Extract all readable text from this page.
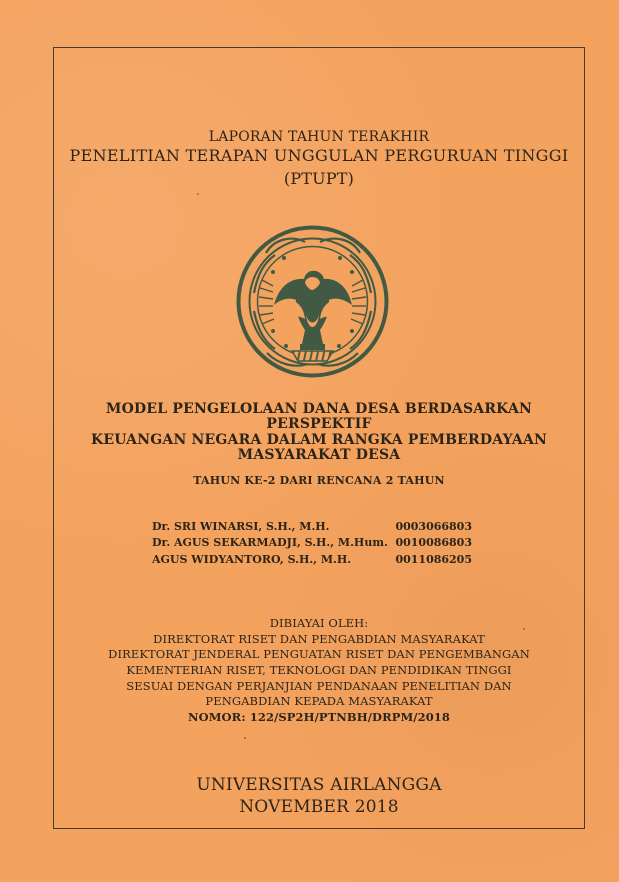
LAPORAN TAHUN TERAKHIR
PENELITIAN TERAPAN UNGGULAN PERGURUAN TINGGI
(PTUPT)
MODEL PENGELOLAAN DANA DESA BERDASARKAN PERSPEKTIF
KEUANGAN NEGARA DALAM RANGKA PEMBERDAYAAN
MASYARAKAT DESA
TAHUN KE-2 DARI RENCANA 2 TAHUN
Dr. SRI WINARSI, S.H., M.H.	0003066803
Dr. AGUS SEKARMADJI, S.H., M.Hum. 0010086803
AGUS WIDYANTORO, S.H., M.H.	0011086205
DIBIAYAI OLEH:
DIREKTORAT RISET DAN PENGABDIAN MASYARAKAT
DIREKTORAT JENDERAL PENGUATAN RISET DAN PENGEMBANGAN
KEMENTERIAN RISET, TEKNOLOGI DAN PENDIDIKAN TINGGI
SESUAI DENGAN PERJANJIAN PENDANAAN PENELITIAN DAN
PENGABDIAN KEPADA MASYARAKAT
NOMOR: 122/SP2H/PTNBH/DRPM/2018
UNIVERSITAS AIRLANGGA
NOVEMBER 2018
